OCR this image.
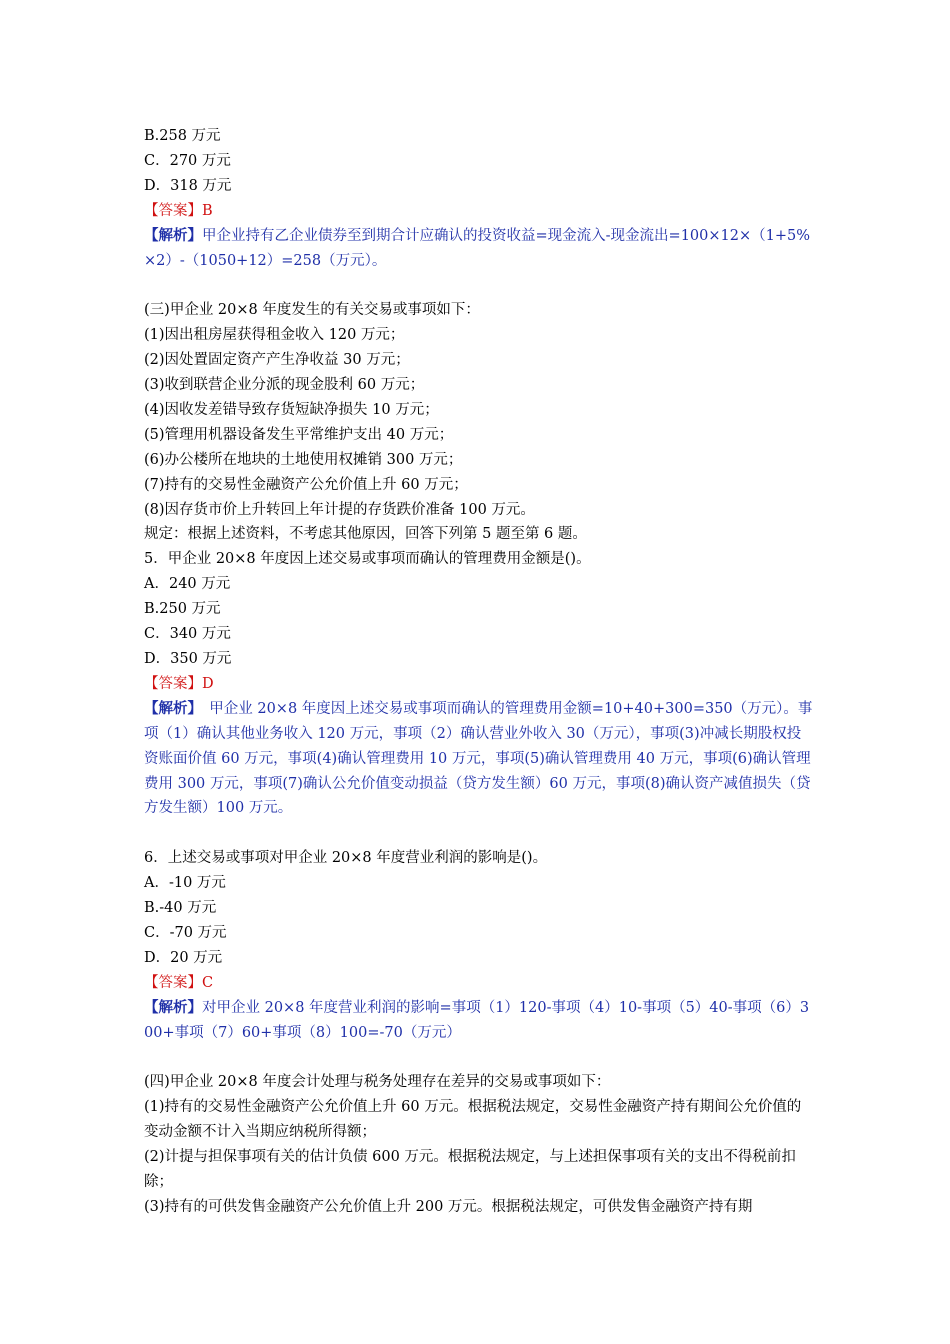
B.258 万元
C．270 万元
D．318 万元
【答案】B
【解析】甲企业持有乙企业债券至到期合计应确认的投资收益=现金流入-现金流出=100×12×（1+5%×2）-（1050+12）=258（万元）。
(三)甲企业 20×8 年度发生的有关交易或事项如下：
(1)因出租房屋获得租金收入 120 万元；
(2)因处置固定资产产生净收益 30 万元；
(3)收到联营企业分派的现金股利 60 万元；
(4)因收发差错导致存货短缺净损失 10 万元；
(5)管理用机器设备发生平常维护支出 40 万元；
(6)办公楼所在地块的土地使用权摊销 300 万元；
(7)持有的交易性金融资产公允价值上升 60 万元；
(8)因存货市价上升转回上年计提的存货跌价准备 100 万元。
规定：根据上述资料，不考虑其他原因，回答下列第 5 题至第 6 题。
5．甲企业 20×8 年度因上述交易或事项而确认的管理费用金额是()。
A．240 万元
B.250 万元
C．340 万元
D．350 万元
【答案】D
【解析】　甲企业 20×8 年度因上述交易或事项而确认的管理费用金额=10+40+300=350（万元）。事项（1）确认其他业务收入 120 万元，事项（2）确认营业外收入 30（万元），事项(3)冲减长期股权投资账面价值 60 万元，事项(4)确认管理费用 10 万元，事项(5)确认管理费用 40 万元，事项(6)确认管理费用 300 万元，事项(7)确认公允价值变动损益（贷方发生额）60 万元，事项(8)确认资产减值损失（贷方发生额）100 万元。
6．上述交易或事项对甲企业 20×8 年度营业利润的影响是()。
A．-10 万元
B.-40 万元
C．-70 万元
D．20 万元
【答案】C
【解析】对甲企业 20×8 年度营业利润的影响=事项（1）120-事项（4）10-事项（5）40-事项（6）300+事项（7）60+事项（8）100=-70（万元）
(四)甲企业 20×8 年度会计处理与税务处理存在差异的交易或事项如下：
(1)持有的交易性金融资产公允价值上升 60 万元。根据税法规定，交易性金融资产持有期间公允价值的变动金额不计入当期应纳税所得额；
(2)计提与担保事项有关的估计负债 600 万元。根据税法规定，与上述担保事项有关的支出不得税前扣除；
(3)持有的可供发售金融资产公允价值上升 200 万元。根据税法规定，可供发售金融资产持有期
